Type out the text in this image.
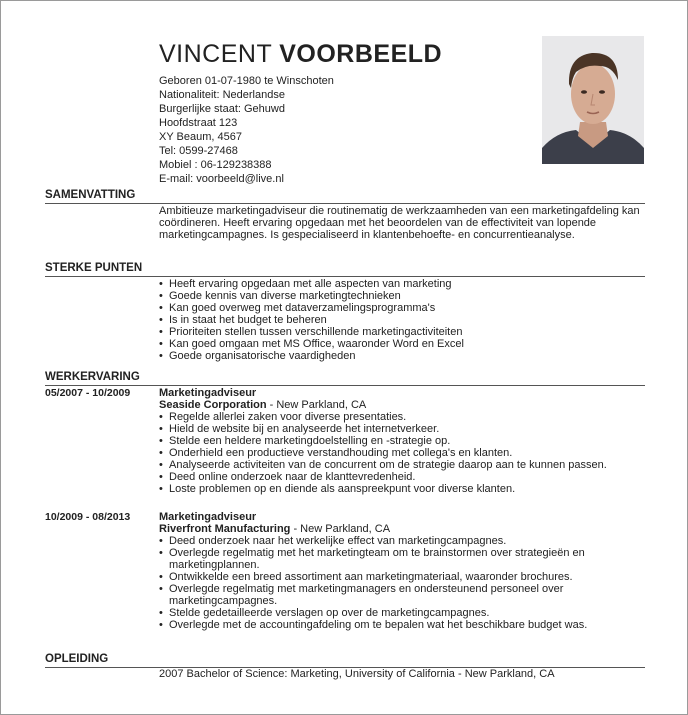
VINCENT VOORBEELD
Geboren 01-07-1980 te Winschoten
Nationaliteit: Nederlandse
Burgerlijke staat: Gehuwd
Hoofdstraat 123
XY Beaum, 4567
Tel: 0599-27468
Mobiel : 06-129238388
E-mail: voorbeeld@live.nl
SAMENVATTING

Ambitieuze marketingadviseur die routinematig de werkzaamheden van een marketingafdeling kan coördineren. Heeft ervaring opgedaan met het beoordelen van de effectiviteit van lopende marketingcampagnes. Is gespecialiseerd in klantenbehoefte- en concurrentieanalyse.

STERKE PUNTEN
• Heeft ervaring opgedaan met alle aspecten van marketing
• Goede kennis van diverse marketingtechnieken
• Kan goed overweg met dataverzamelingsprogramma's
• Is in staat het budget te beheren
• Prioriteiten stellen tussen verschillende marketingactiviteiten
• Kan goed omgaan met MS Office, waaronder Word en Excel
• Goede organisatorische vaardigheden
WERKERVARING
05/2007 - 10/2009	Marketingadviseur
Seaside Corporation - New Parkland, CA
• Regelde allerlei zaken voor diverse presentaties.
• Hield de website bij en analyseerde het internetverkeer.
• Stelde een heldere marketingdoelstelling en -strategie op.
• Onderhield een productieve verstandhouding met collega's en klanten.
• Analyseerde activiteiten van de concurrent om de strategie daarop aan te kunnen passen.
• Deed online onderzoek naar de klanttevredenheid.
• Loste problemen op en diende als aanspreekpunt voor diverse klanten.
10/2009 - 08/2013	Marketingadviseur
Riverfront Manufacturing - New Parkland, CA
• Deed onderzoek naar het werkelijke effect van marketingcampagnes.
• Overlegde regelmatig met het marketingteam om te brainstormen over strategieën en marketingplannen.
• Ontwikkelde een breed assortiment aan marketingmateriaal, waaronder brochures.
• Overlegde regelmatig met marketingmanagers en ondersteunend personeel over marketingcampagnes.
• Stelde gedetailleerde verslagen op over de marketingcampagnes.
• Overlegde met de accountingafdeling om te bepalen wat het beschikbare budget was.
OPLEIDING
2007 Bachelor of Science: Marketing, University of California - New Parkland, CA
